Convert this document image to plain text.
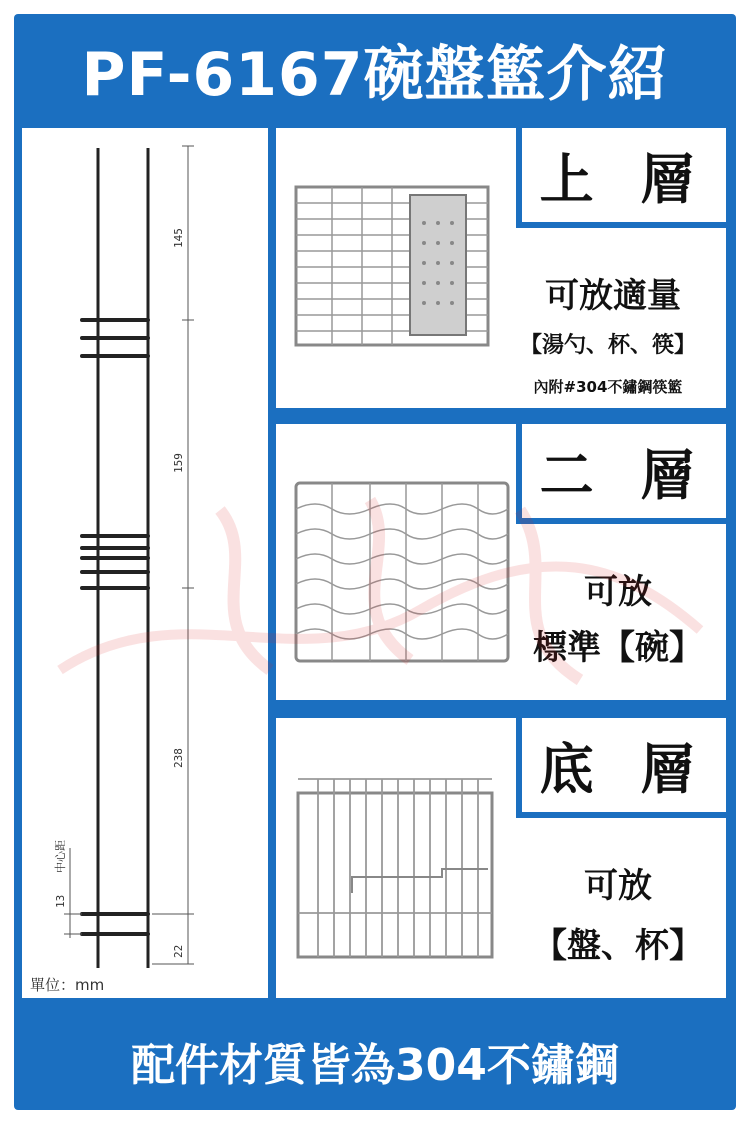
PF-6167碗盤籃介紹
145
159
238
22
13
中心距
單位：mm
上 層
可放適量
【湯勺、杯、筷】
內附#304不鏽鋼筷籃
二 層
可放
標準【碗】
底 層
可放
【盤、杯】
配件材質皆為304不鏽鋼
